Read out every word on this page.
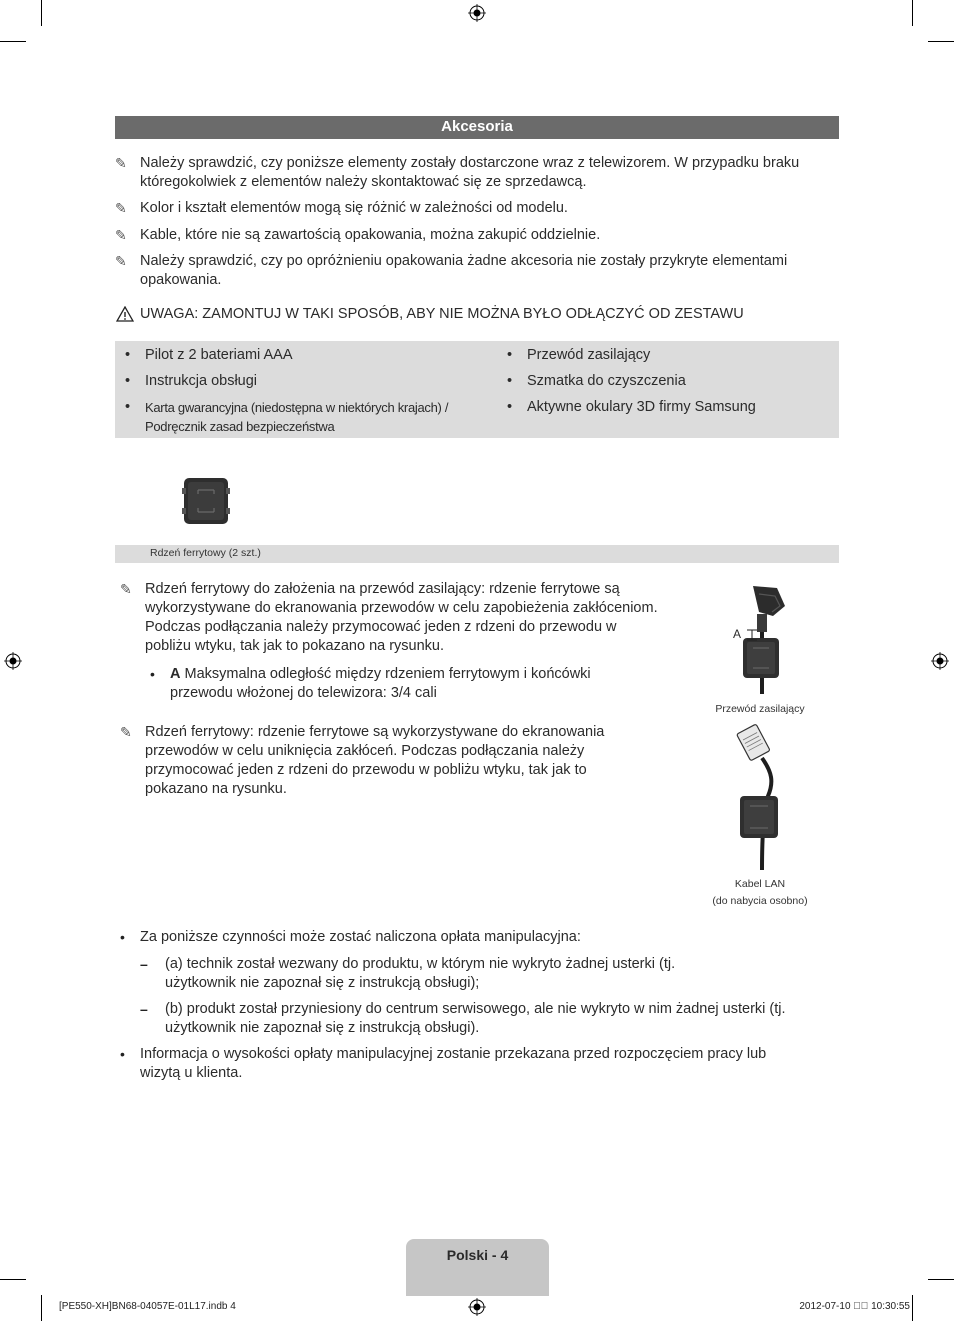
Akcesoria
✎ Należy sprawdzić, czy poniższe elementy zostały dostarczone wraz z telewizorem. W przypadku braku któregokolwiek z elementów należy skontaktować się ze sprzedawcą.
✎ Kolor i kształt elementów mogą się różnić w zależności od modelu.
✎ Kable, które nie są zawartością opakowania, można zakupić oddzielnie.
✎ Należy sprawdzić, czy po opróżnieniu opakowania żadne akcesoria nie zostały przykryte elementami opakowania.
UWAGA: ZAMONTUJ W TAKI SPOSÓB, ABY NIE MOŻNA BYŁO ODŁĄCZYĆ OD ZESTAWU
• Pilot z 2 bateriami AAA
• Instrukcja obsługi
• Karta gwarancyjna (niedostępna w niektórych krajach) / Podręcznik zasad bezpieczeństwa
• Przewód zasilający
• Szmatka do czyszczenia
• Aktywne okulary 3D firmy Samsung
Rdzeń ferrytowy (2 szt.)
✎ Rdzeń ferrytowy do założenia na przewód zasilający: rdzenie ferrytowe są wykorzystywane do ekranowania przewodów w celu zapobieżenia zakłóceniom. Podczas podłączania należy przymocować jeden z rdzeni do przewodu w pobliżu wtyku, tak jak to pokazano na rysunku.
• A Maksymalna odległość między rdzeniem ferrytowym i końcówki przewodu włożonej do telewizora: 3/4 cali
✎ Rdzeń ferrytowy: rdzenie ferrytowe są wykorzystywane do ekranowania przewodów w celu uniknięcia zakłóceń. Podczas podłączania należy przymocować jeden z rdzeni do przewodu w pobliżu wtyku, tak jak to pokazano na rysunku.
A
Przewód zasilający
Kabel LAN
(do nabycia osobno)
• Za poniższe czynności może zostać naliczona opłata manipulacyjna:
– (a) technik został wezwany do produktu, w którym nie wykryto żadnej usterki (tj. użytkownik nie zapoznał się z instrukcją obsługi);
– (b) produkt został przyniesiony do centrum serwisowego, ale nie wykryto w nim żadnej usterki (tj. użytkownik nie zapoznał się z instrukcją obsługi).
• Informacja o wysokości opłaty manipulacyjnej zostanie przekazana przed rozpoczęciem pracy lub wizytą u klienta.
Polski - 4
[PE550-XH]BN68-04057E-01L17.indb 4	2012-07-10 ￿￿ 10:30:55
